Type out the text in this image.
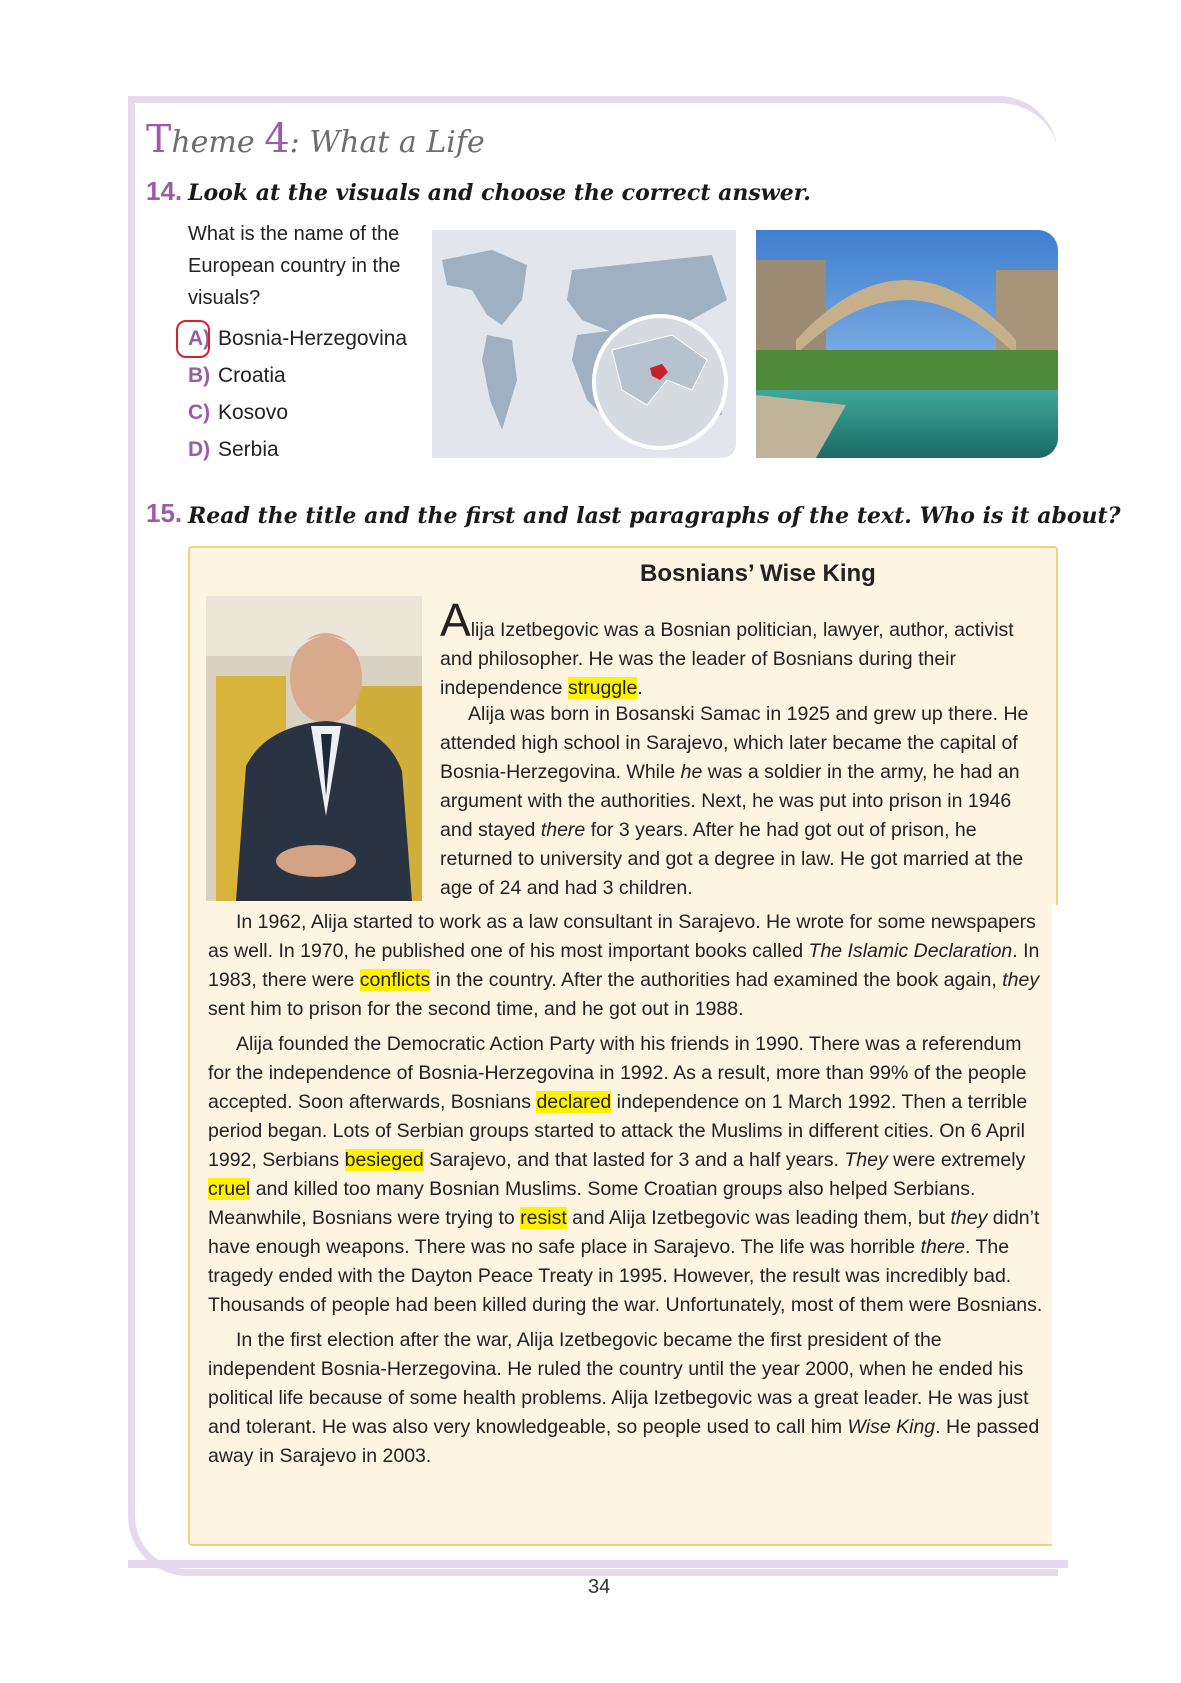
Theme 4: What a Life
14. Look at the visuals and choose the correct answer.
What is the name of the European country in the visuals?
A) Bosnia-Herzegovina
B) Croatia
C) Kosovo
D) Serbia
15. Read the title and the first and last paragraphs of the text. Who is it about?
Bosnians’ Wise King
Alija Izetbegovic was a Bosnian politician, lawyer, author, activist and philosopher. He was the leader of Bosnians during their independence struggle.

Alija was born in Bosanski Samac in 1925 and grew up there. He attended high school in Sarajevo, which later became the capital of Bosnia-Herzegovina. While he was a soldier in the army, he had an argument with the authorities. Next, he was put into prison in 1946 and stayed there for 3 years. After he had got out of prison, he returned to university and got a degree in law. He got married at the age of 24 and had 3 children.

In 1962, Alija started to work as a law consultant in Sarajevo. He wrote for some newspapers as well. In 1970, he published one of his most important books called The Islamic Declaration. In 1983, there were conflicts in the country. After the authorities had examined the book again, they sent him to prison for the second time, and he got out in 1988.

Alija founded the Democratic Action Party with his friends in 1990. There was a referendum for the independence of Bosnia-Herzegovina in 1992. As a result, more than 99% of the people accepted. Soon afterwards, Bosnians declared independence on 1 March 1992. Then a terrible period began. Lots of Serbian groups started to attack the Muslims in different cities. On 6 April 1992, Serbians besieged Sarajevo, and that lasted for 3 and a half years. They were extremely cruel and killed too many Bosnian Muslims. Some Croatian groups also helped Serbians. Meanwhile, Bosnians were trying to resist and Alija Izetbegovic was leading them, but they didn’t have enough weapons. There was no safe place in Sarajevo. The life was horrible there. The tragedy ended with the Dayton Peace Treaty in 1995. However, the result was incredibly bad. Thousands of people had been killed during the war. Unfortunately, most of them were Bosnians.

In the first election after the war, Alija Izetbegovic became the first president of the independent Bosnia-Herzegovina. He ruled the country until the year 2000, when he ended his political life because of some health problems. Alija Izetbegovic was a great leader. He was just and tolerant. He was also very knowledgeable, so people used to call him Wise King. He passed away in Sarajevo in 2003.

34
